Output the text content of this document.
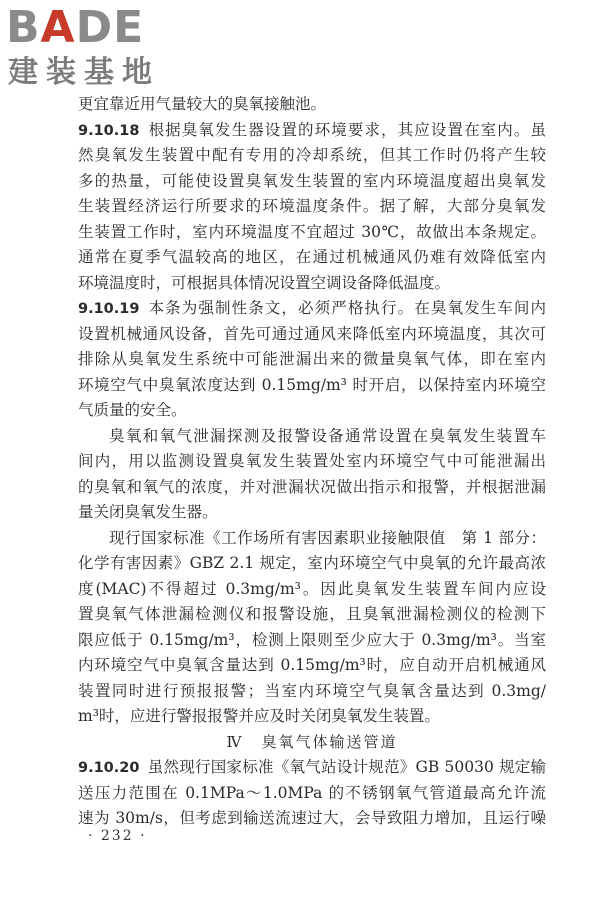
BADE
建装基地
更宜靠近用气量较大的臭氧接触池。
9.10.18 根据臭氧发生器设置的环境要求，其应设置在室内。虽
然臭氧发生装置中配有专用的冷却系统，但其工作时仍将产生较
多的热量，可能使设置臭氧发生装置的室内环境温度超出臭氧发
生装置经济运行所要求的环境温度条件。据了解，大部分臭氧发
生装置工作时，室内环境温度不宜超过 30℃，故做出本条规定。
通常在夏季气温较高的地区，在通过机械通风仍难有效降低室内
环境温度时，可根据具体情况设置空调设备降低温度。
9.10.19 本条为强制性条文，必须严格执行。在臭氧发生车间内
设置机械通风设备，首先可通过通风来降低室内环境温度，其次可
排除从臭氧发生系统中可能泄漏出来的微量臭氧气体，即在室内
环境空气中臭氧浓度达到 0.15mg/m³ 时开启，以保持室内环境空
气质量的安全。
臭氧和氧气泄漏探测及报警设备通常设置在臭氧发生装置车
间内，用以监测设置臭氧发生装置处室内环境空气中可能泄漏出
的臭氧和氧气的浓度，并对泄漏状况做出指示和报警，并根据泄漏
量关闭臭氧发生器。
现行国家标准《工作场所有害因素职业接触限值　第 1 部分：
化学有害因素》GBZ 2.1 规定，室内环境空气中臭氧的允许最高浓
度(MAC)不得超过 0.3mg/m³。因此臭氧发生装置车间内应设
置臭氧气体泄漏检测仪和报警设施，且臭氧泄漏检测仪的检测下
限应低于 0.15mg/m³，检测上限则至少应大于 0.3mg/m³。当室
内环境空气中臭氧含量达到 0.15mg/m³时，应自动开启机械通风
装置同时进行预报报警；当室内环境空气臭氧含量达到 0.3mg/
m³时，应进行警报报警并应及时关闭臭氧发生装置。
Ⅳ 臭氧气体输送管道
9.10.20 虽然现行国家标准《氧气站设计规范》GB 50030 规定输
送压力范围在 0.1MPa～1.0MPa 的不锈钢氧气管道最高允许流
速为 30m/s，但考虑到输送流速过大，会导致阻力增加，且运行噪
· 232 ·
